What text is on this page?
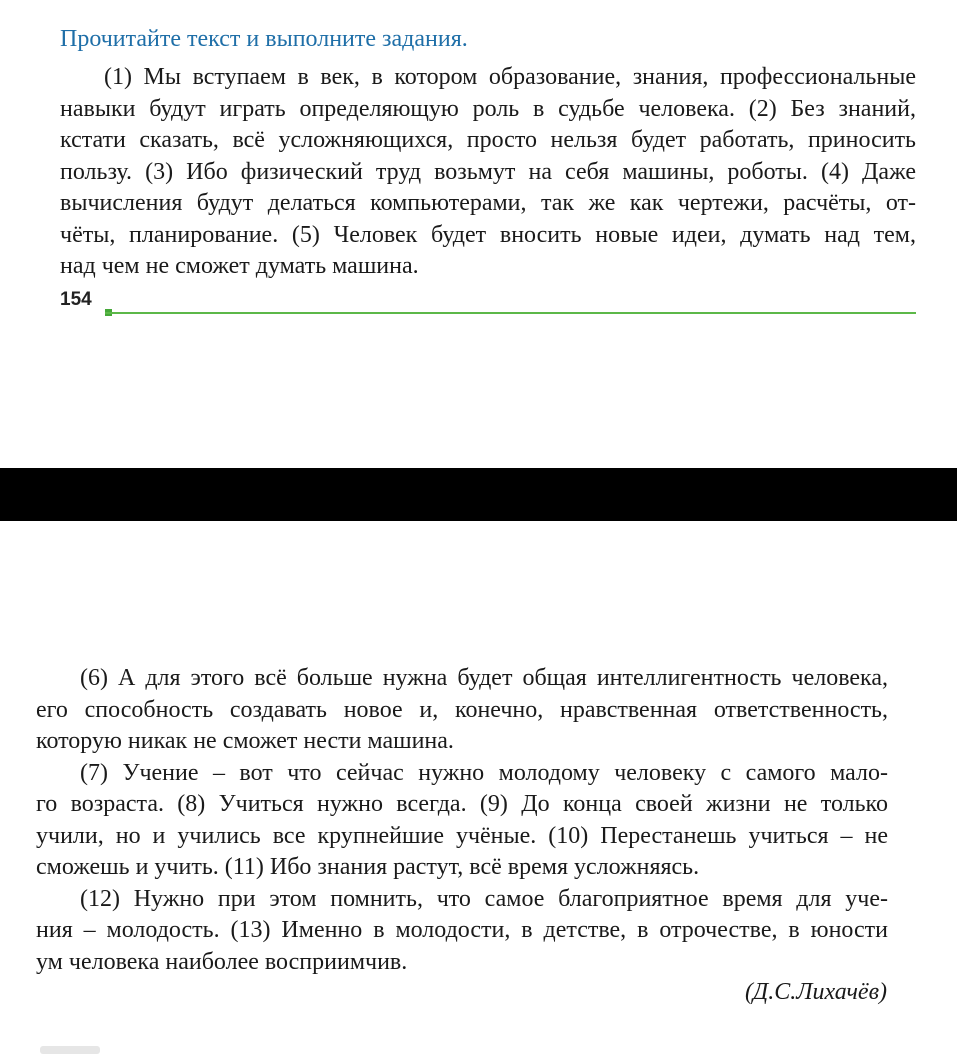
Прочитайте текст и выполните задания.
(1) Мы вступаем в век, в котором образование, знания, профессиональные
навыки будут играть определяющую роль в судьбе человека. (2) Без знаний,
кстати сказать, всё усложняющихся, просто нельзя будет работать, приносить
пользу. (3) Ибо физический труд возьмут на себя машины, роботы. (4) Даже
вычисления будут делаться компьютерами, так же как чертежи, расчёты, от-
чёты, планирование. (5) Человек будет вносить новые идеи, думать над тем,
над чем не сможет думать машина.
154
(6) А для этого всё больше нужна будет общая интеллигентность человека,
его способность создавать новое и, конечно, нравственная ответственность,
которую никак не сможет нести машина.
(7) Учение – вот что сейчас нужно молодому человеку с самого мало-
го возраста. (8) Учиться нужно всегда. (9) До конца своей жизни не только
учили, но и учились все крупнейшие учёные. (10) Перестанешь учиться – не
сможешь и учить. (11) Ибо знания растут, всё время усложняясь.
(12) Нужно при этом помнить, что самое благоприятное время для уче-
ния – молодость. (13) Именно в молодости, в детстве, в отрочестве, в юности
ум человека наиболее восприимчив.
(Д.С.Лихачёв)
